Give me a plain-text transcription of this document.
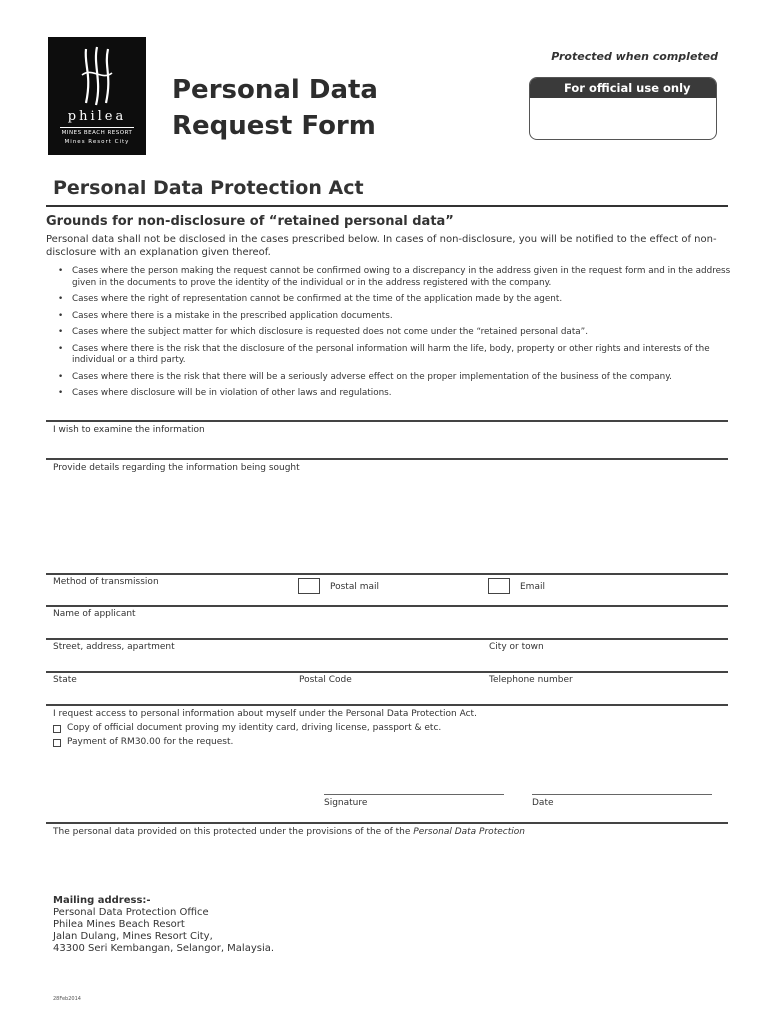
philea
MINES BEACH RESORT
Mines Resort City
Personal Data
Request Form
Protected when completed
For official use only
Personal Data Protection Act
Grounds for non-disclosure of “retained personal data”
Personal data shall not be disclosed in the cases prescribed below. In cases of non-disclosure, you will be notified to the effect of non-disclosure with an explanation given thereof.
• Cases where the person making the request cannot be confirmed owing to a discrepancy in the address given in the request form and in the address given in the documents to prove the identity of the individual or in the address registered with the company.
• Cases where the right of representation cannot be confirmed at the time of the application made by the agent.
• Cases where there is a mistake in the prescribed application documents.
• Cases where the subject matter for which disclosure is requested does not come under the “retained personal data”.
• Cases where there is the risk that the disclosure of the personal information will harm the life, body, property or other rights and interests of the individual or a third party.
• Cases where there is the risk that there will be a seriously adverse effect on the proper implementation of the business of the company.
• Cases where disclosure will be in violation of other laws and regulations.
I wish to examine the information
Provide details regarding the information being sought
Method of transmission	Postal mail	Email
Name of applicant
Street, address, apartment	City or town
State	Postal Code	Telephone number
I request access to personal information about myself under the Personal Data Protection Act.
Copy of official document proving my identity card, driving license, passport & etc.
Payment of RM30.00 for the request.
Signature	Date
The personal data provided on this protected under the provisions of the of the Personal Data Protection
Mailing address:-
Personal Data Protection Office
Philea Mines Beach Resort
Jalan Dulang, Mines Resort City,
43300 Seri Kembangan, Selangor, Malaysia.
28Feb2014
